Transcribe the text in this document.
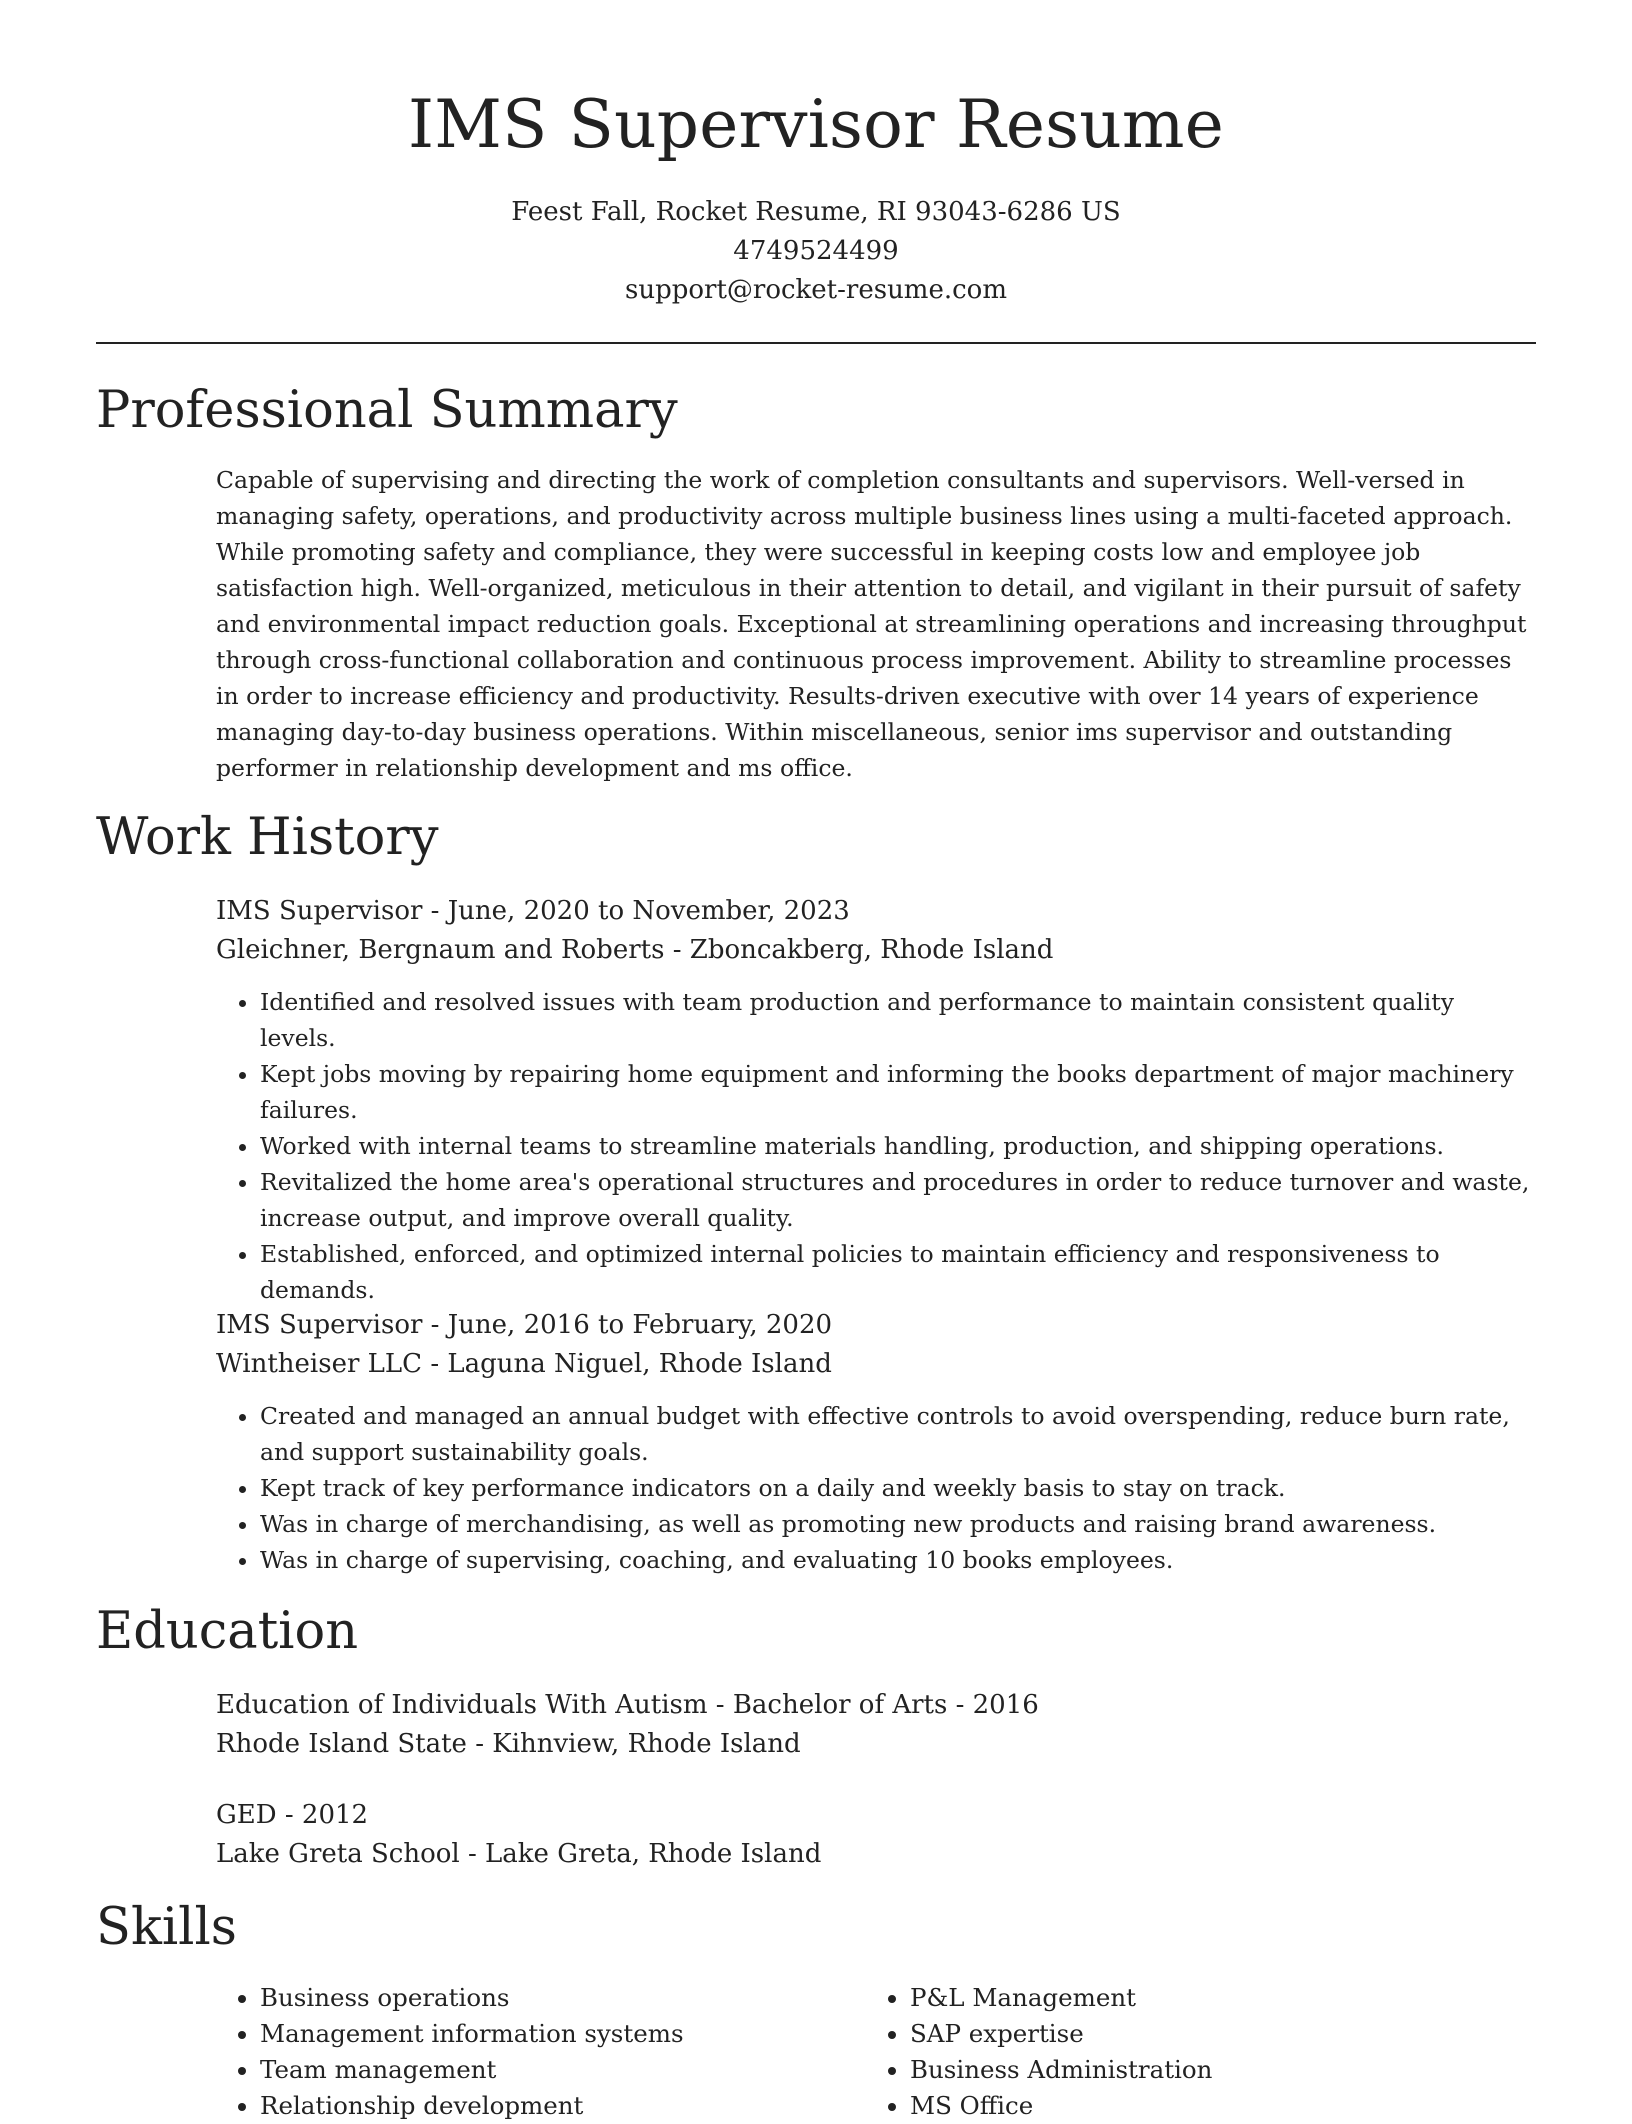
IMS Supervisor Resume
Feest Fall, Rocket Resume, RI 93043-6286 US
4749524499
support@rocket-resume.com
Professional Summary

Capable of supervising and directing the work of completion consultants and supervisors. Well-versed in managing safety, operations, and productivity across multiple business lines using a multi-faceted approach. While promoting safety and compliance, they were successful in keeping costs low and employee job satisfaction high. Well-organized, meticulous in their attention to detail, and vigilant in their pursuit of safety and environmental impact reduction goals. Exceptional at streamlining operations and increasing throughput through cross-functional collaboration and continuous process improvement. Ability to streamline processes in order to increase efficiency and productivity. Results-driven executive with over 14 years of experience managing day-to-day business operations. Within miscellaneous, senior ims supervisor and outstanding performer in relationship development and ms office.

Work History
IMS Supervisor - June, 2020 to November, 2023
Gleichner, Bergnaum and Roberts - Zboncakberg, Rhode Island
• Identified and resolved issues with team production and performance to maintain consistent quality levels.
• Kept jobs moving by repairing home equipment and informing the books department of major machinery failures.
• Worked with internal teams to streamline materials handling, production, and shipping operations.
• Revitalized the home area's operational structures and procedures in order to reduce turnover and waste, increase output, and improve overall quality.
• Established, enforced, and optimized internal policies to maintain efficiency and responsiveness to demands.
IMS Supervisor - June, 2016 to February, 2020
Wintheiser LLC - Laguna Niguel, Rhode Island
• Created and managed an annual budget with effective controls to avoid overspending, reduce burn rate, and support sustainability goals.
• Kept track of key performance indicators on a daily and weekly basis to stay on track.
• Was in charge of merchandising, as well as promoting new products and raising brand awareness.
• Was in charge of supervising, coaching, and evaluating 10 books employees.
Education
Education of Individuals With Autism - Bachelor of Arts - 2016
Rhode Island State - Kihnview, Rhode Island
GED - 2012
Lake Greta School - Lake Greta, Rhode Island
Skills
• Business operations
• Management information systems
• Team management
• Relationship development
• P&L Management
• SAP expertise
• Business Administration
• MS Office
